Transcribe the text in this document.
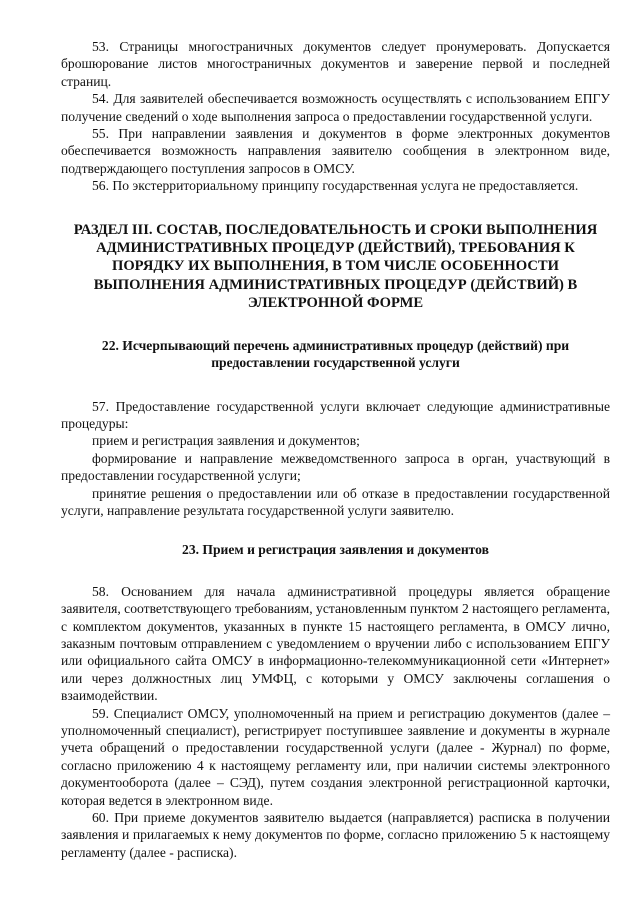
53. Страницы многостраничных документов следует пронумеровать. Допускается брошюрование листов многостраничных документов и заверение первой и последней страниц.

54. Для заявителей обеспечивается возможность осуществлять с использованием ЕПГУ получение сведений о ходе выполнения запроса о предоставлении государственной услуги.

55. При направлении заявления и документов в форме электронных документов обеспечивается возможность направления заявителю сообщения в электронном виде, подтверждающего поступления запросов в ОМСУ.

56. По экстерриториальному принципу государственная услуга не предоставляется.

РАЗДЕЛ III. СОСТАВ, ПОСЛЕДОВАТЕЛЬНОСТЬ И СРОКИ ВЫПОЛНЕНИЯ АДМИНИСТРАТИВНЫХ ПРОЦЕДУР (ДЕЙСТВИЙ), ТРЕБОВАНИЯ К ПОРЯДКУ ИХ ВЫПОЛНЕНИЯ, В ТОМ ЧИСЛЕ ОСОБЕННОСТИ ВЫПОЛНЕНИЯ АДМИНИСТРАТИВНЫХ ПРОЦЕДУР (ДЕЙСТВИЙ) В ЭЛЕКТРОННОЙ ФОРМЕ
22. Исчерпывающий перечень административных процедур (действий) при предоставлении государственной услуги

57. Предоставление государственной услуги включает следующие административные процедуры:

прием и регистрация заявления и документов;

формирование и направление межведомственного запроса в орган, участвующий в предоставлении государственной услуги;

принятие решения о предоставлении или об отказе в предоставлении государственной услуги, направление результата государственной услуги заявителю.

23. Прием и регистрация заявления и документов

58. Основанием для начала административной процедуры является обращение заявителя, соответствующего требованиям, установленным пунктом 2 настоящего регламента, с комплектом документов, указанных в пункте 15 настоящего регламента, в ОМСУ лично, заказным почтовым отправлением с уведомлением о вручении либо с использованием ЕПГУ или официального сайта ОМСУ в информационно-телекоммуникационной сети «Интернет» или через должностных лиц УМФЦ, с которыми у ОМСУ заключены соглашения о взаимодействии.

59. Специалист ОМСУ, уполномоченный на прием и регистрацию документов (далее – уполномоченный специалист), регистрирует поступившее заявление и документы в журнале учета обращений о предоставлении государственной услуги (далее - Журнал) по форме, согласно приложению 4 к настоящему регламенту или, при наличии системы электронного документооборота (далее – СЭД), путем создания электронной регистрационной карточки, которая ведется в электронном виде.

60. При приеме документов заявителю выдается (направляется) расписка в получении заявления и прилагаемых к нему документов по форме, согласно приложению 5 к настоящему регламенту (далее - расписка).
